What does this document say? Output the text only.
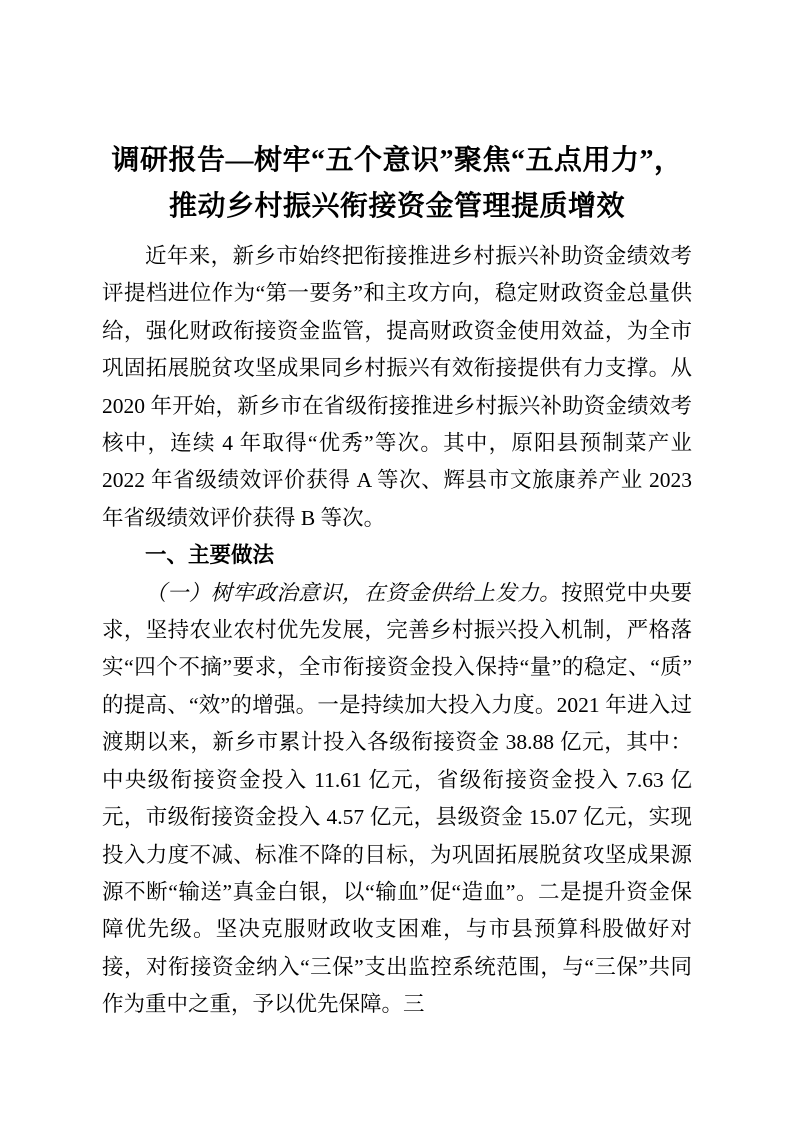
调研报告—树牢“五个意识”聚焦“五点用力”，
推动乡村振兴衔接资金管理提质增效

近年来，新乡市始终把衔接推进乡村振兴补助资金绩效考评提档进位作为“第一要务”和主攻方向，稳定财政资金总量供给，强化财政衔接资金监管，提高财政资金使用效益，为全市巩固拓展脱贫攻坚成果同乡村振兴有效衔接提供有力支撑。从 2020 年开始，新乡市在省级衔接推进乡村振兴补助资金绩效考核中，连续 4 年取得“优秀”等次。其中，原阳县预制菜产业 2022 年省级绩效评价获得 A 等次、辉县市文旅康养产业 2023 年省级绩效评价获得 B 等次。

一、主要做法

（一）树牢政治意识，在资金供给上发力。按照党中央要求，坚持农业农村优先发展，完善乡村振兴投入机制，严格落实“四个不摘”要求，全市衔接资金投入保持“量”的稳定、“质”的提高、“效”的增强。一是持续加大投入力度。2021 年进入过渡期以来，新乡市累计投入各级衔接资金 38.88 亿元，其中：中央级衔接资金投入 11.61 亿元，省级衔接资金投入 7.63 亿元，市级衔接资金投入 4.57 亿元，县级资金 15.07 亿元，实现投入力度不减、标准不降的目标，为巩固拓展脱贫攻坚成果源源不断“输送”真金白银，以“输血”促“造血”。二是提升资金保障优先级。坚决克服财政收支困难，与市县预算科股做好对接，对衔接资金纳入“三保”支出监控系统范围，与“三保”共同作为重中之重，予以优先保障。三
